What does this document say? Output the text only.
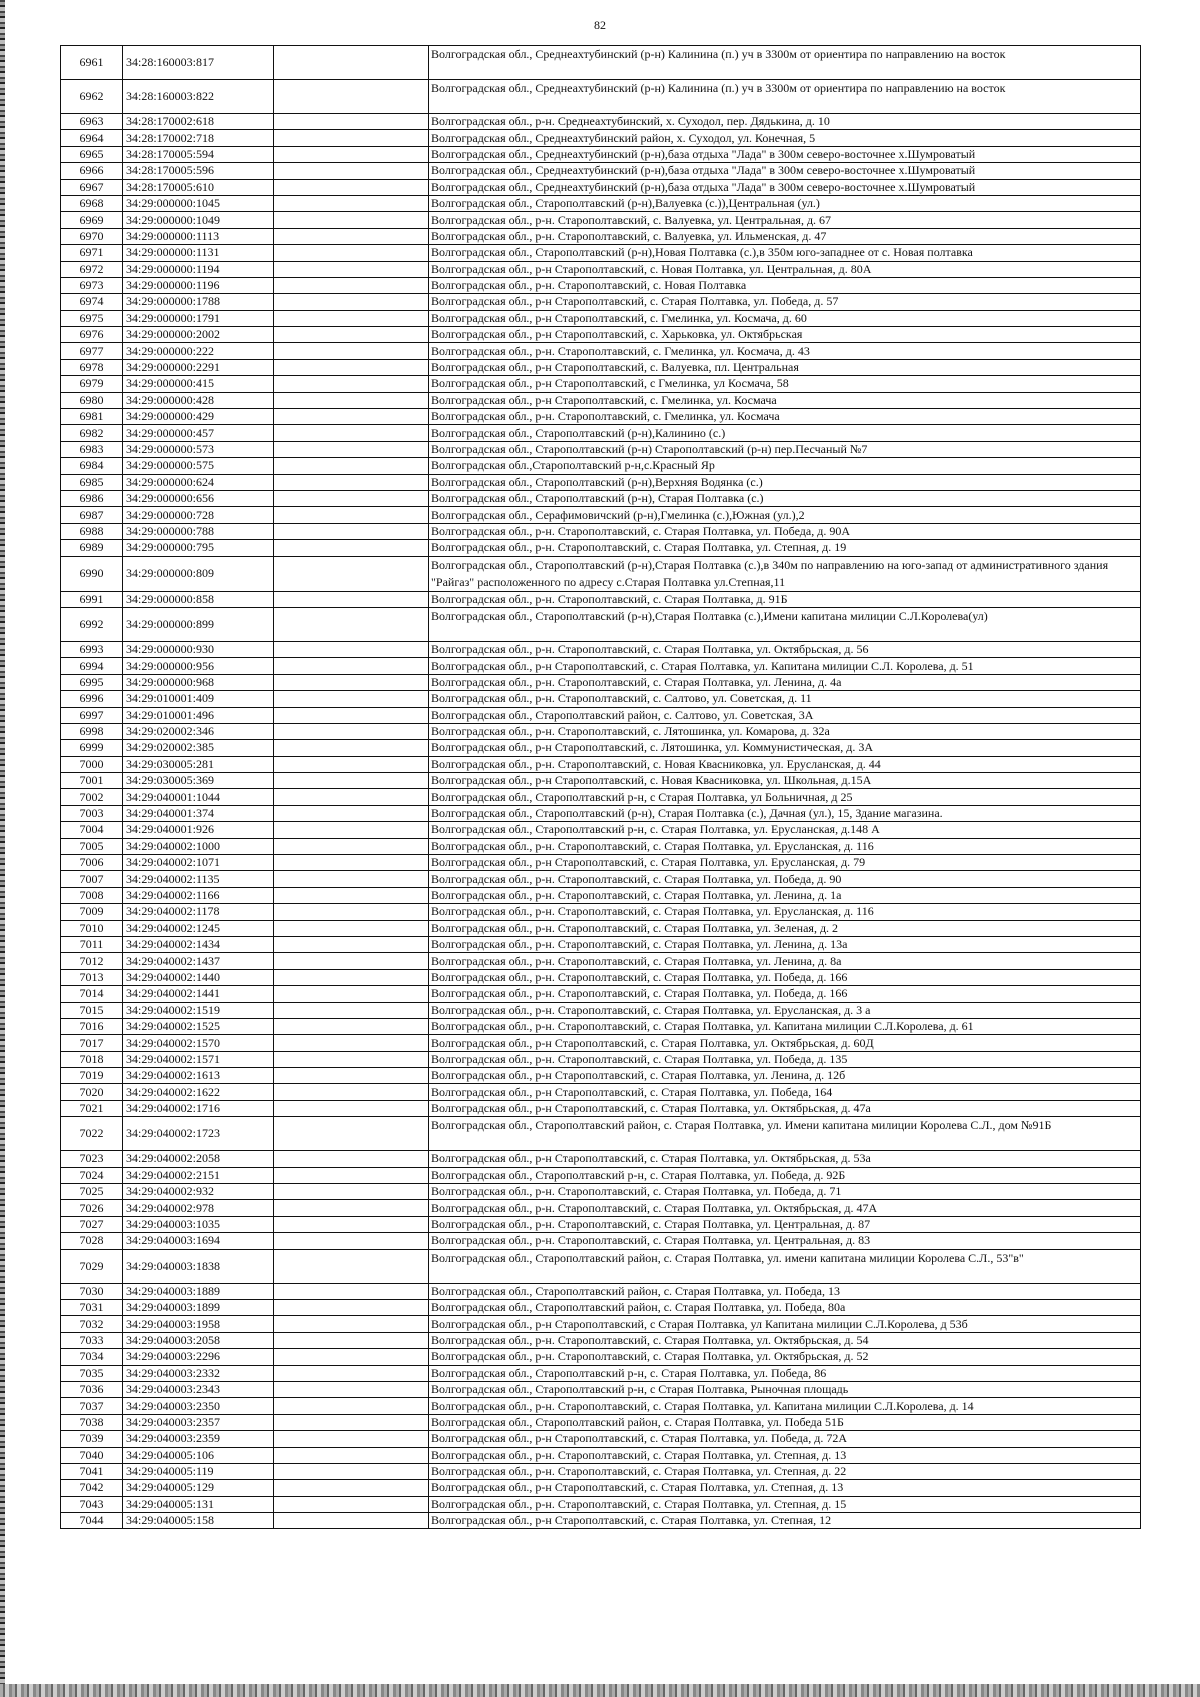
82
6961	34:28:160003:817		Волгоградская обл., Среднеахтубинский (р-н) Калинина (п.) уч в 3300м от ориентира по направлению на восток
6962	34:28:160003:822		Волгоградская обл., Среднеахтубинский (р-н) Калинина (п.) уч в 3300м от ориентира по направлению на восток
6963	34:28:170002:618		Волгоградская обл., р-н. Среднеахтубинский, х. Суходол, пер. Дядькина, д. 10
6964	34:28:170002:718		Волгоградская обл., Среднеахтубинский район, х. Суходол, ул. Конечная, 5
6965	34:28:170005:594		Волгоградская обл., Среднеахтубинский (р-н),база отдыха "Лада" в 300м северо-восточнее х.Шумроватый
6966	34:28:170005:596		Волгоградская обл., Среднеахтубинский (р-н),база отдыха "Лада" в 300м северо-восточнее х.Шумроватый
6967	34:28:170005:610		Волгоградская обл., Среднеахтубинский (р-н),база отдыха "Лада" в 300м северо-восточнее х.Шумроватый
6968	34:29:000000:1045		Волгоградская обл., Старополтавский (р-н),Валуевка (с.)),Центральная (ул.)
6969	34:29:000000:1049		Волгоградская обл., р-н. Старополтавский, с. Валуевка, ул. Центральная, д. 67
6970	34:29:000000:1113		Волгоградская обл., р-н. Старополтавский, с. Валуевка, ул. Ильменская, д. 47
6971	34:29:000000:1131		Волгоградская обл., Старополтавский (р-н),Новая Полтавка (с.),в 350м юго-западнее от с. Новая полтавка
6972	34:29:000000:1194		Волгоградская обл., р-н Старополтавский, с. Новая Полтавка, ул. Центральная, д. 80А
6973	34:29:000000:1196		Волгоградская обл., р-н. Старополтавский, с. Новая Полтавка
6974	34:29:000000:1788		Волгоградская обл., р-н Старополтавский, с. Старая Полтавка, ул. Победа, д. 57
6975	34:29:000000:1791		Волгоградская обл., р-н Старополтавский, с. Гмелинка, ул. Космача, д. 60
6976	34:29:000000:2002		Волгоградская обл., р-н Старополтавский, с. Харьковка, ул. Октябрьская
6977	34:29:000000:222		Волгоградская обл., р-н. Старополтавский, с. Гмелинка, ул. Космача, д. 43
6978	34:29:000000:2291		Волгоградская обл., р-н Старополтавский, с. Валуевка, пл. Центральная
6979	34:29:000000:415		Волгоградская обл., р-н Старополтавский, с Гмелинка, ул Космача, 58
6980	34:29:000000:428		Волгоградская обл., р-н Старополтавский, с. Гмелинка, ул. Космача
6981	34:29:000000:429		Волгоградская обл., р-н. Старополтавский, с. Гмелинка, ул. Космача
6982	34:29:000000:457		Волгоградская обл., Старополтавский (р-н),Калинино (с.)
6983	34:29:000000:573		Волгоградская обл., Старополтавский (р-н) Старополтавский (р-н) пер.Песчаный №7
6984	34:29:000000:575		Волгоградская обл.,Старополтавский р-н,с.Красный Яр
6985	34:29:000000:624		Волгоградская обл., Старополтавский (р-н),Верхняя Водянка (с.)
6986	34:29:000000:656		Волгоградская обл., Старополтавский (р-н), Старая Полтавка (с.)
6987	34:29:000000:728		Волгоградская обл., Серафимовичский (р-н),Гмелинка (с.),Южная (ул.),2
6988	34:29:000000:788		Волгоградская обл., р-н. Старополтавский, с. Старая Полтавка, ул. Победа, д. 90А
6989	34:29:000000:795		Волгоградская обл., р-н. Старополтавский, с. Старая Полтавка, ул. Степная, д. 19
6990	34:29:000000:809		Волгоградская обл., Старополтавский (р-н),Старая Полтавка (с.),в 340м по направлению на юго-запад от административного здания "Райгаз" расположенного по адресу с.Старая Полтавка ул.Степная,11
6991	34:29:000000:858		Волгоградская обл., р-н. Старополтавский, с. Старая Полтавка, д. 91Б
6992	34:29:000000:899		Волгоградская обл., Старополтавский (р-н),Старая Полтавка (с.),Имени капитана милиции С.Л.Королева(ул)
6993	34:29:000000:930		Волгоградская обл., р-н. Старополтавский, с. Старая Полтавка, ул. Октябрьская, д. 56
6994	34:29:000000:956		Волгоградская обл., р-н Старополтавский, с. Старая Полтавка, ул. Капитана милиции С.Л. Королева, д. 51
6995	34:29:000000:968		Волгоградская обл., р-н. Старополтавский, с. Старая Полтавка, ул. Ленина, д. 4а
6996	34:29:010001:409		Волгоградская обл., р-н. Старополтавский, с. Салтово, ул. Советская, д. 11
6997	34:29:010001:496		Волгоградская обл., Старополтавский район, с. Салтово, ул. Советская, 3А
6998	34:29:020002:346		Волгоградская обл., р-н. Старополтавский, с. Лятошинка, ул. Комарова, д. 32а
6999	34:29:020002:385		Волгоградская обл., р-н Старополтавский, с. Лятошинка, ул. Коммунистическая, д. 3А
7000	34:29:030005:281		Волгоградская обл., р-н. Старополтавский, с. Новая Квасниковка, ул. Еруслaнская, д. 44
7001	34:29:030005:369		Волгоградская обл., р-н Старополтавский, с. Новая Квасниковка, ул. Школьная, д.15А
7002	34:29:040001:1044		Волгоградская обл., Старополтавский р-н, с Старая Полтавка, ул Больничная, д 25
7003	34:29:040001:374		Волгоградская обл., Старополтавский (р-н), Старая Полтавка (с.), Дачная (ул.), 15, Здание магазина.
7004	34:29:040001:926		Волгоградская обл., Старополтавский р-н, с. Старая Полтавка, ул. Еруслaнская, д.148 А
7005	34:29:040002:1000		Волгоградская обл., р-н. Старополтавский, с. Старая Полтавка, ул. Еруслaнская, д. 116
7006	34:29:040002:1071		Волгоградская обл., р-н Старополтавский, с. Старая Полтавка, ул. Еруслaнская, д. 79
7007	34:29:040002:1135		Волгоградская обл., р-н. Старополтавский, с. Старая Полтавка, ул. Победа, д. 90
7008	34:29:040002:1166		Волгоградская обл., р-н. Старополтавский, с. Старая Полтавка, ул. Ленина, д. 1а
7009	34:29:040002:1178		Волгоградская обл., р-н. Старополтавский, с. Старая Полтавка, ул. Еруслaнская, д. 116
7010	34:29:040002:1245		Волгоградская обл., р-н. Старополтавский, с. Старая Полтавка, ул. Зеленая, д. 2
7011	34:29:040002:1434		Волгоградская обл., р-н. Старополтавский, с. Старая Полтавка, ул. Ленина, д. 13а
7012	34:29:040002:1437		Волгоградская обл., р-н. Старополтавский, с. Старая Полтавка, ул. Ленина, д. 8а
7013	34:29:040002:1440		Волгоградская обл., р-н. Старополтавский, с. Старая Полтавка, ул. Победа, д. 166
7014	34:29:040002:1441		Волгоградская обл., р-н. Старополтавский, с. Старая Полтавка, ул. Победа, д. 166
7015	34:29:040002:1519		Волгоградская обл., р-н. Старополтавский, с. Старая Полтавка, ул. Еруслaнская, д. 3 а
7016	34:29:040002:1525		Волгоградская обл., р-н. Старополтавский, с. Старая Полтавка, ул. Капитана милиции С.Л.Королева, д. 61
7017	34:29:040002:1570		Волгоградская обл., р-н Старополтавский, с. Старая Полтавка, ул. Октябрьская, д. 60Д
7018	34:29:040002:1571		Волгоградская обл., р-н. Старополтавский, с. Старая Полтавка, ул. Победа, д. 135
7019	34:29:040002:1613		Волгоградская обл., р-н Старополтавский, с. Старая Полтавка, ул. Ленина, д. 12б
7020	34:29:040002:1622		Волгоградская обл., р-н Старополтавский, с. Старая Полтавка, ул. Победа, 164
7021	34:29:040002:1716		Волгоградская обл., р-н Старополтавский, с. Старая Полтавка, ул. Октябрьская, д. 47а
7022	34:29:040002:1723		Волгоградская обл., Старополтавский район, с. Старая Полтавка, ул. Имени капитана милиции Королева С.Л., дом №91Б
7023	34:29:040002:2058		Волгоградская обл., р-н Старополтавский, с. Старая Полтавка, ул. Октябрьская, д. 53а
7024	34:29:040002:2151		Волгоградская обл., Старополтавский р-н, с. Старая Полтавка, ул. Победа, д. 92Б
7025	34:29:040002:932		Волгоградская обл., р-н. Старополтавский, с. Старая Полтавка, ул. Победа, д. 71
7026	34:29:040002:978		Волгоградская обл., р-н. Старополтавский, с. Старая Полтавка, ул. Октябрьская, д. 47А
7027	34:29:040003:1035		Волгоградская обл., р-н. Старополтавский, с. Старая Полтавка, ул. Центральная, д. 87
7028	34:29:040003:1694		Волгоградская обл., р-н. Старополтавский, с. Старая Полтавка, ул. Центральная, д. 83
7029	34:29:040003:1838		Волгоградская обл., Старополтавский район, с. Старая Полтавка, ул. имени капитана милиции Королева С.Л., 53"в"
7030	34:29:040003:1889		Волгоградская обл., Старополтавский район, с. Старая Полтавка, ул. Победа, 13
7031	34:29:040003:1899		Волгоградская обл., Старополтавский район, с. Старая Полтавка, ул. Победа, 80а
7032	34:29:040003:1958		Волгоградская обл., р-н Старополтавский, с Старая Полтавка, ул Капитана милиции С.Л.Королева, д 53б
7033	34:29:040003:2058		Волгоградская обл., р-н. Старополтавский, с. Старая Полтавка, ул. Октябрьская, д. 54
7034	34:29:040003:2296		Волгоградская обл., р-н. Старополтавский, с. Старая Полтавка, ул. Октябрьская, д. 52
7035	34:29:040003:2332		Волгоградская обл., Старополтавский р-н, с. Старая Полтавка, ул. Победа, 86
7036	34:29:040003:2343		Волгоградская обл., Старополтавский р-н, с Старая Полтавка, Рыночная площадь
7037	34:29:040003:2350		Волгоградская обл., р-н. Старополтавский, с. Старая Полтавка, ул. Капитана милиции С.Л.Королева, д. 14
7038	34:29:040003:2357		Волгоградская обл., Старополтавский район, с. Старая Полтавка, ул. Победа 51Б
7039	34:29:040003:2359		Волгоградская обл., р-н Старополтавский, с. Старая Полтавка, ул. Победа, д. 72А
7040	34:29:040005:106		Волгоградская обл., р-н. Старополтавский, с. Старая Полтавка, ул. Степная, д. 13
7041	34:29:040005:119		Волгоградская обл., р-н. Старополтавский, с. Старая Полтавка, ул. Степная, д. 22
7042	34:29:040005:129		Волгоградская обл., р-н Старополтавский, с. Старая Полтавка, ул. Степная, д. 13
7043	34:29:040005:131		Волгоградская обл., р-н. Старополтавский, с. Старая Полтавка, ул. Степная, д. 15
7044	34:29:040005:158		Волгоградская обл., р-н Старополтавский, с. Старая Полтавка, ул. Степная, 12
